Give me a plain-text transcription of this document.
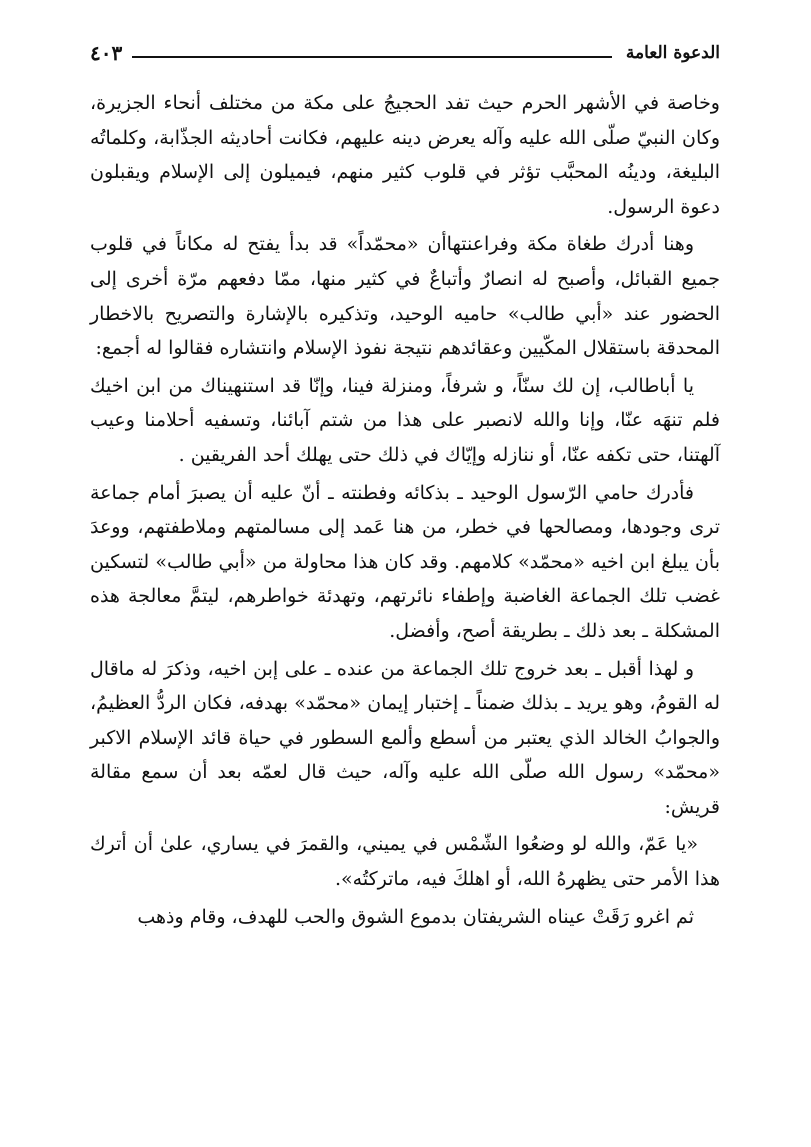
الدعوة العامة
٤٠٣

وخاصة في الأشهر الحرم حيث تفد الحجيجُ على مكة من مختلف أنحاء الجزيرة، وكان النبيّ صلّى الله عليه وآله يعرض دينه عليهم، فكانت أحاديثه الجذّابة، وكلماتُه البليغة، ودينُه المحبَّب تؤثر في قلوب كثير منهم، فيميلون إلى الإسلام ويقبلون دعوة الرسول.

وهنا أدرك طغاة مكة وفراعنتهاأن «محمّداً» قد بدأ يفتح له مكاناً في قلوب جميع القبائل، وأصبح له انصارٌ وأتباعٌ في كثير منها، ممّا دفعهم مرّة أخرى إلى الحضور عند «أبي طالب» حاميه الوحيد، وتذكيره بالإشارة والتصريح بالاخطار المحدقة باستقلال المكّيين وعقائدهم نتيجة نفوذ الإسلام وانتشاره فقالوا له أجمع:

يا أباطالب، إن لك سنّاً، و شرفاً، ومنزلة فينا، وإنّا قد استنهيناك من ابن اخيك فلم تنهَه عنّا، وإنا والله لانصبر على هذا من شتم آبائنا، وتسفيه أحلامنا وعيب آلهتنا، حتى تكفه عنّا، أو ننازله وإيّاك في ذلك حتى يهلك أحد الفريقين .

فأدرك حامي الرّسول الوحيد ـ بذكائه وفطنته ـ أنّ عليه أن يصبرَ أمام جماعة ترى وجودها، ومصالحها في خطر، من هنا عَمد إلى مسالمتهم وملاطفتهم، ووعدَ بأن يبلغ ابن اخيه «محمّد» كلامهم. وقد كان هذا محاولة من «أبي طالب» لتسكين غضب تلك الجماعة الغاضبة وإطفاء نائرتهم، وتهدئة خواطرهم، ليتمَّ معالجة هذه المشكلة ـ بعد ذلك ـ بطريقة أصح، وأفضل.

و لهذا أقبل ـ بعد خروج تلك الجماعة من عنده ـ على إبن اخيه، وذكرَ له ماقال له القومُ، وهو يريد ـ بذلك ضمناً ـ إختبار إيمان «محمّد» بهدفه، فكان الردُّ العظيمُ، والجوابُ الخالد الذي يعتبر من أسطع وألمع السطور في حياة قائد الإسلام الاكبر «محمّد» رسول الله صلّى الله عليه وآله، حيث قال لعمّه بعد أن سمع مقالة قريش:

«يا عَمّ، والله لو وضعُوا الشّمْس في يميني، والقمرَ في يساري، علىٰ أن أترك هذا الأمر حتى يظهرهُ الله، أو اهلكَ فيه، ماتركتُه».

ثم اغرو رَقَتْ عيناه الشريفتان بدموع الشوق والحب للهدف، وقام وذهب
